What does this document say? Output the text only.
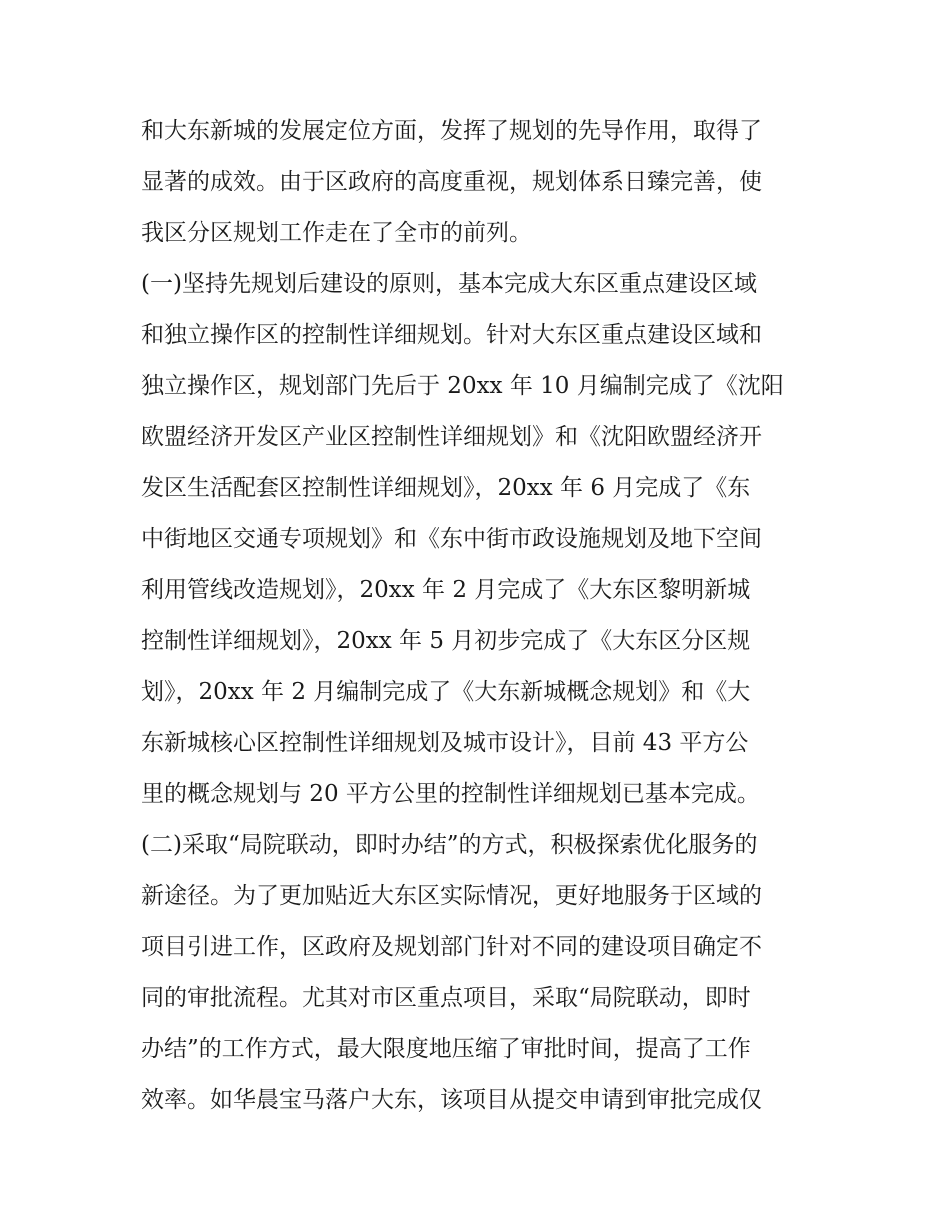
和大东新城的发展定位方面，发挥了规划的先导作用，取得了
显著的成效。由于区政府的高度重视，规划体系日臻完善，使
我区分区规划工作走在了全市的前列。
(一)坚持先规划后建设的原则，基本完成大东区重点建设区域
和独立操作区的控制性详细规划。针对大东区重点建设区域和
独立操作区，规划部门先后于 20xx 年 10 月编制完成了《沈阳
欧盟经济开发区产业区控制性详细规划》和《沈阳欧盟经济开
发区生活配套区控制性详细规划》，20xx 年 6 月完成了《东
中街地区交通专项规划》和《东中街市政设施规划及地下空间
利用管线改造规划》，20xx 年 2 月完成了《大东区黎明新城
控制性详细规划》，20xx 年 5 月初步完成了《大东区分区规
划》，20xx 年 2 月编制完成了《大东新城概念规划》和《大
东新城核心区控制性详细规划及城市设计》，目前 43 平方公
里的概念规划与 20 平方公里的控制性详细规划已基本完成。
(二)采取“局院联动，即时办结”的方式，积极探索优化服务的
新途径。为了更加贴近大东区实际情况，更好地服务于区域的
项目引进工作，区政府及规划部门针对不同的建设项目确定不
同的审批流程。尤其对市区重点项目，采取“局院联动，即时
办结”的工作方式，最大限度地压缩了审批时间，提高了工作
效率。如华晨宝马落户大东，该项目从提交申请到审批完成仅
